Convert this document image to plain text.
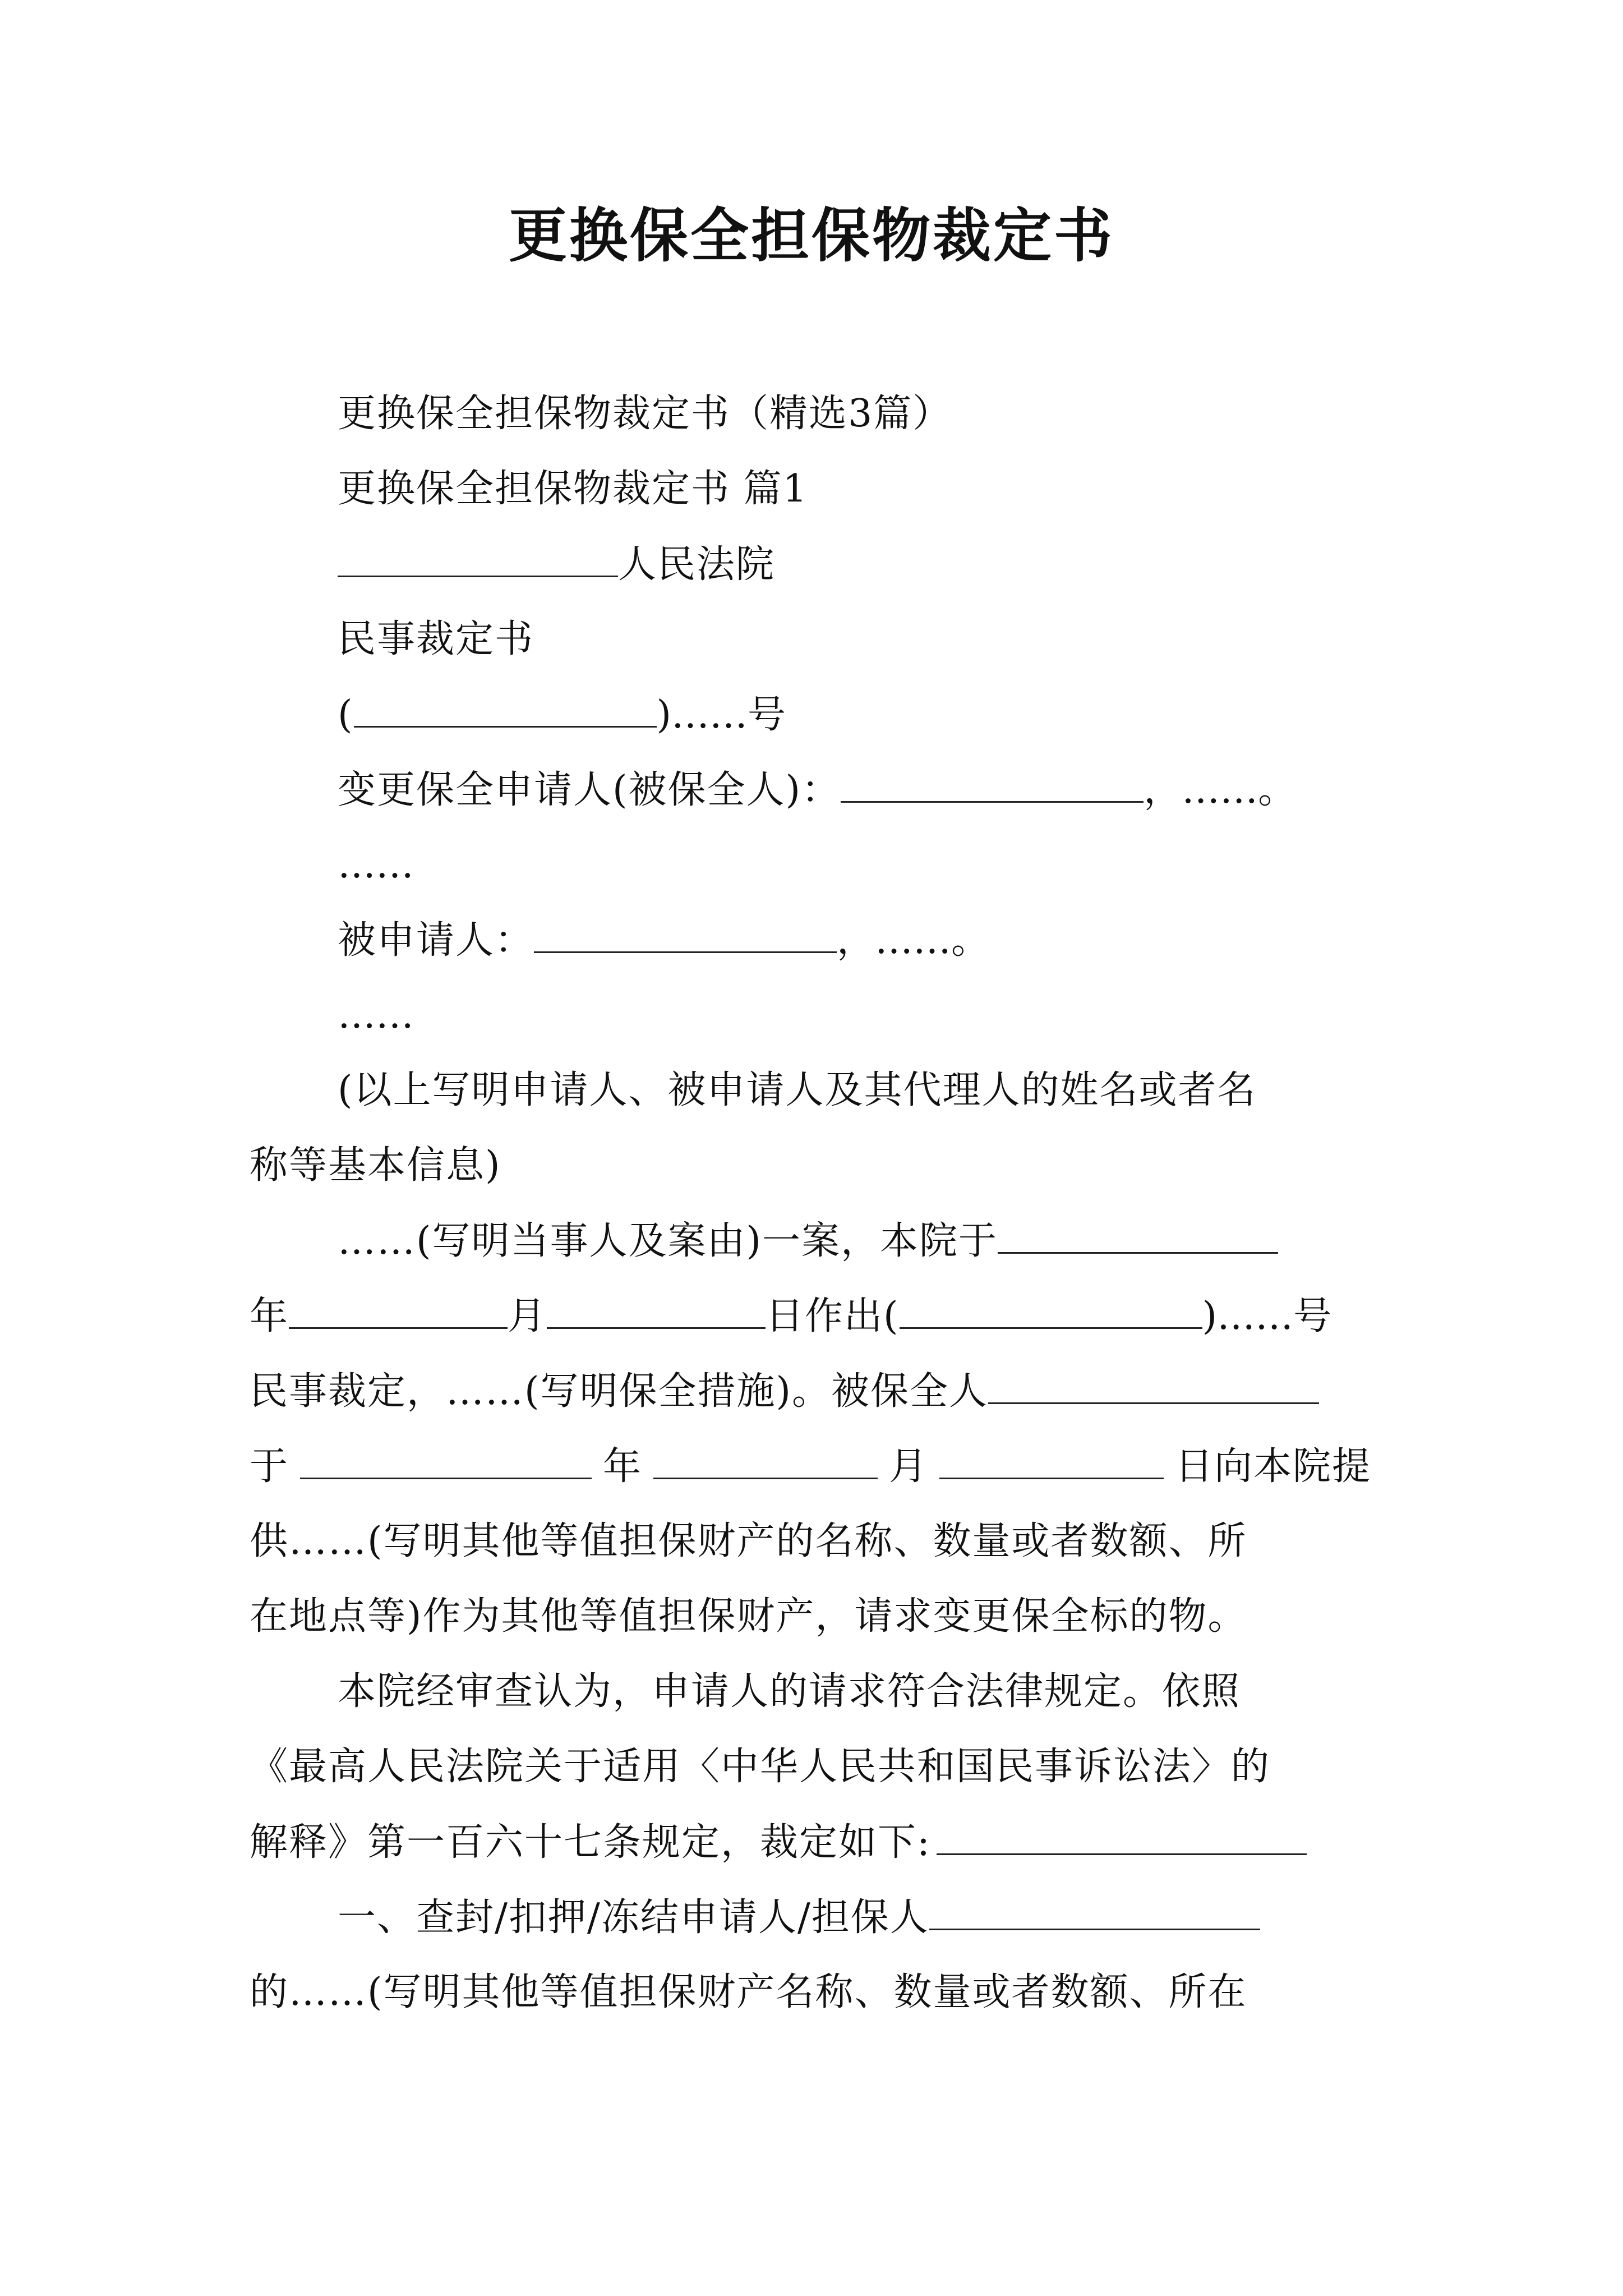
更换保全担保物裁定书

更换保全担保物裁定书（精选3篇）

更换保全担保物裁定书 篇1

人民法院

民事裁定书

(	)……号

变更保全申请人(被保全人)：	，……。

……

被申请人：	，……。

……

(以上写明申请人、被申请人及其代理人的姓名或者名

称等基本信息)

……(写明当事人及案由)一案，本院于

年	月	日作出(	)……号

民事裁定，……(写明保全措施)。被保全人

于	年	月	日向本院提

供……(写明其他等值担保财产的名称、数量或者数额、所

在地点等)作为其他等值担保财产，请求变更保全标的物。

本院经审查认为，申请人的请求符合法律规定。依照

《最高人民法院关于适用〈中华人民共和国民事诉讼法〉的

解释》第一百六十七条规定，裁定如下:

一、查封/扣押/冻结申请人/担保人

的……(写明其他等值担保财产名称、数量或者数额、所在
